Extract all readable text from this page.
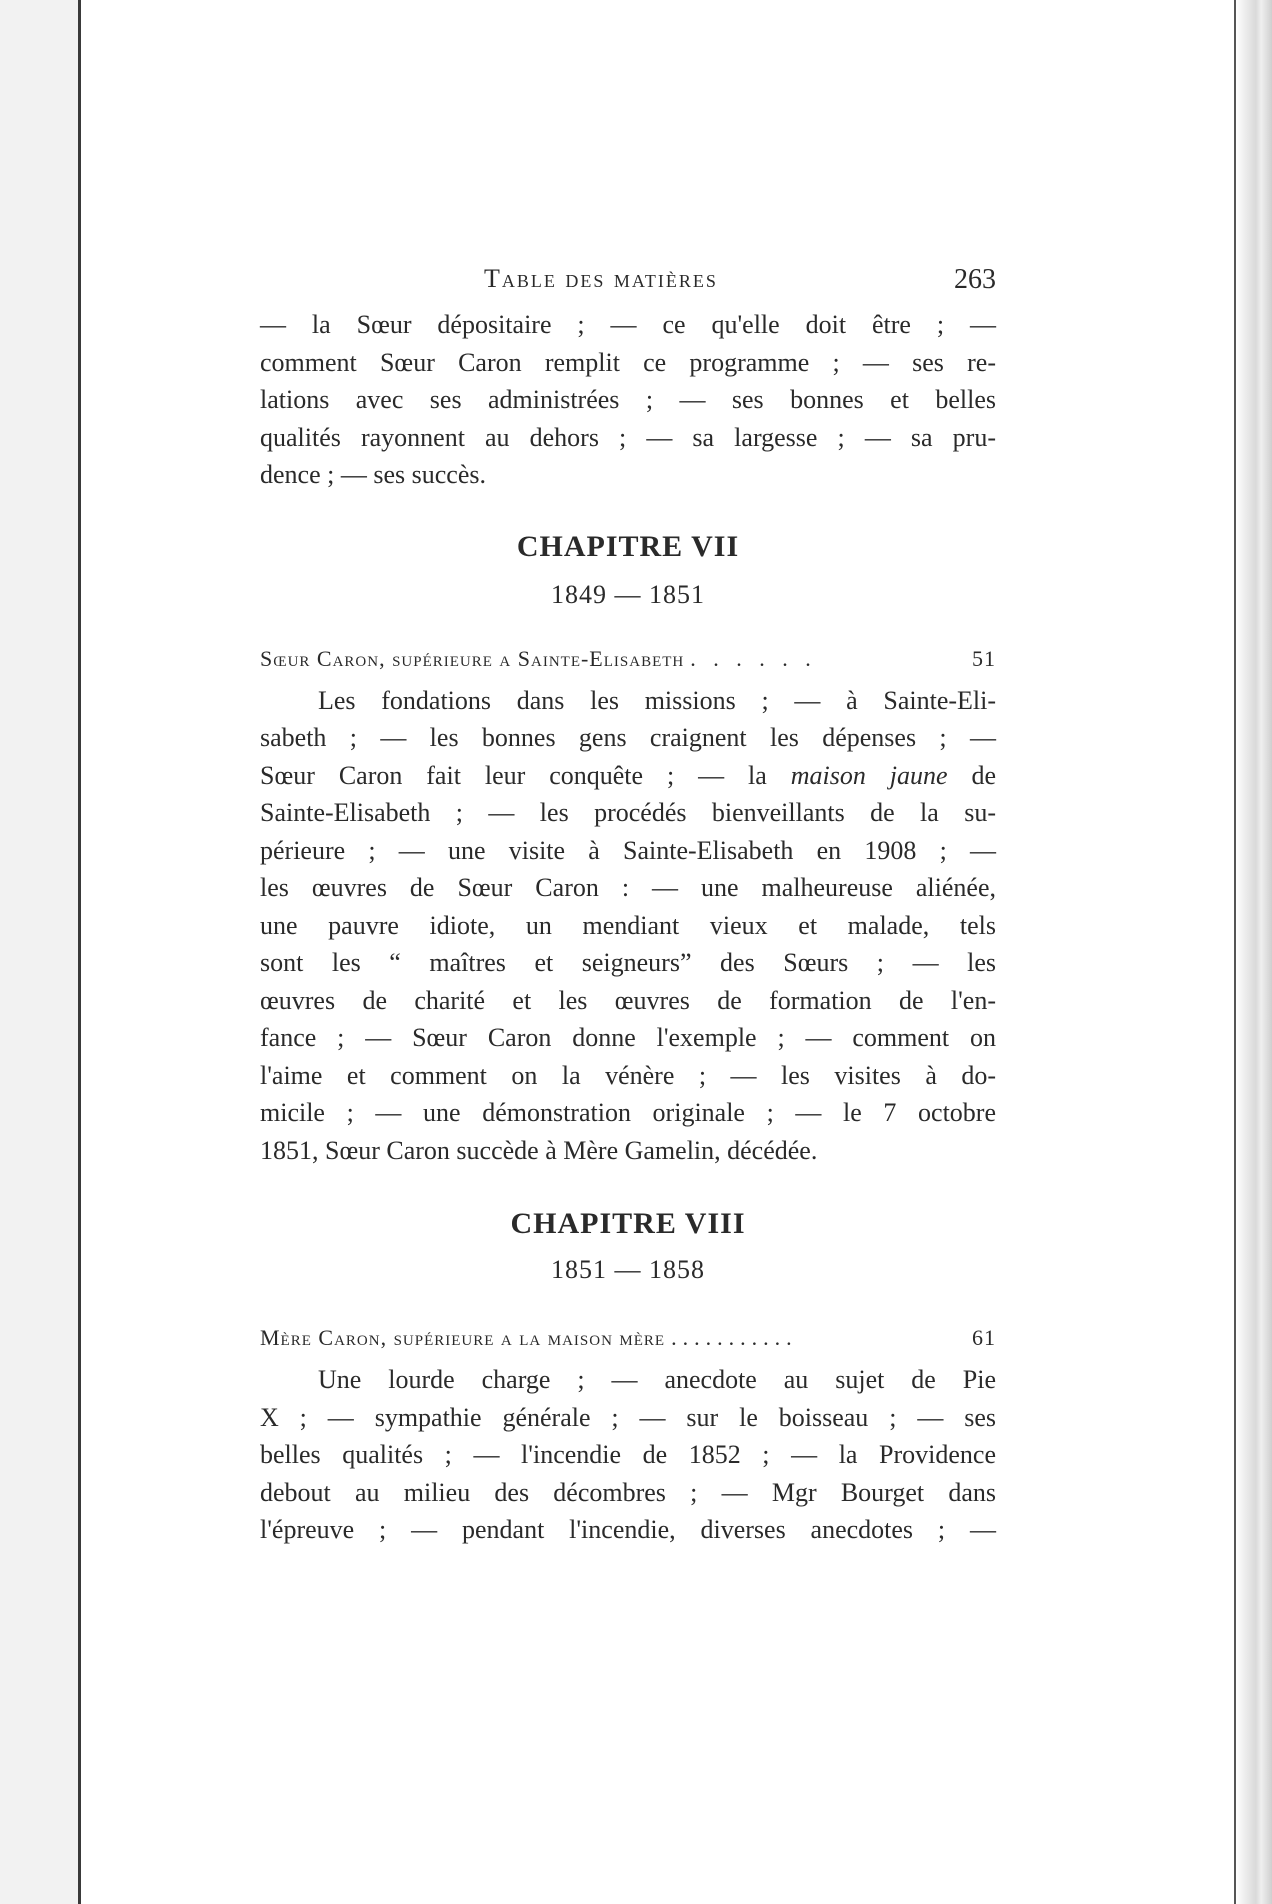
Table des matières	263
— la Sœur dépositaire ; — ce qu'elle doit être ; —
comment Sœur Caron remplit ce programme ; — ses re-
lations avec ses administrées ; — ses bonnes et belles
qualités rayonnent au dehors ; — sa largesse ; — sa pru-
dence ; — ses succès.
CHAPITRE VII
1849 — 1851
Sœur Caron, supérieure a Sainte-Elisabeth . . . . . .	51
Les fondations dans les missions ; — à Sainte-Eli-
sabeth ; — les bonnes gens craignent les dépenses ; —
Sœur Caron fait leur conquête ; — la maison jaune de
Sainte-Elisabeth ; — les procédés bienveillants de la su-
périeure ; — une visite à Sainte-Elisabeth en 1908 ; —
les œuvres de Sœur Caron : — une malheureuse aliénée,
une pauvre idiote, un mendiant vieux et malade, tels
sont les “ maîtres et seigneurs” des Sœurs ; — les
œuvres de charité et les œuvres de formation de l'en-
fance ; — Sœur Caron donne l'exemple ; — comment on
l'aime et comment on la vénère ; — les visites à do-
micile ; — une démonstration originale ; — le 7 octobre
1851, Sœur Caron succède à Mère Gamelin, décédée.
CHAPITRE VIII
1851 — 1858
Mère Caron, supérieure a la maison mère ...........	61
Une lourde charge ; — anecdote au sujet de Pie
X ; — sympathie générale ; — sur le boisseau ; — ses
belles qualités ; — l'incendie de 1852 ; — la Providence
debout au milieu des décombres ; — Mgr Bourget dans
l'épreuve ; — pendant l'incendie, diverses anecdotes ; —
